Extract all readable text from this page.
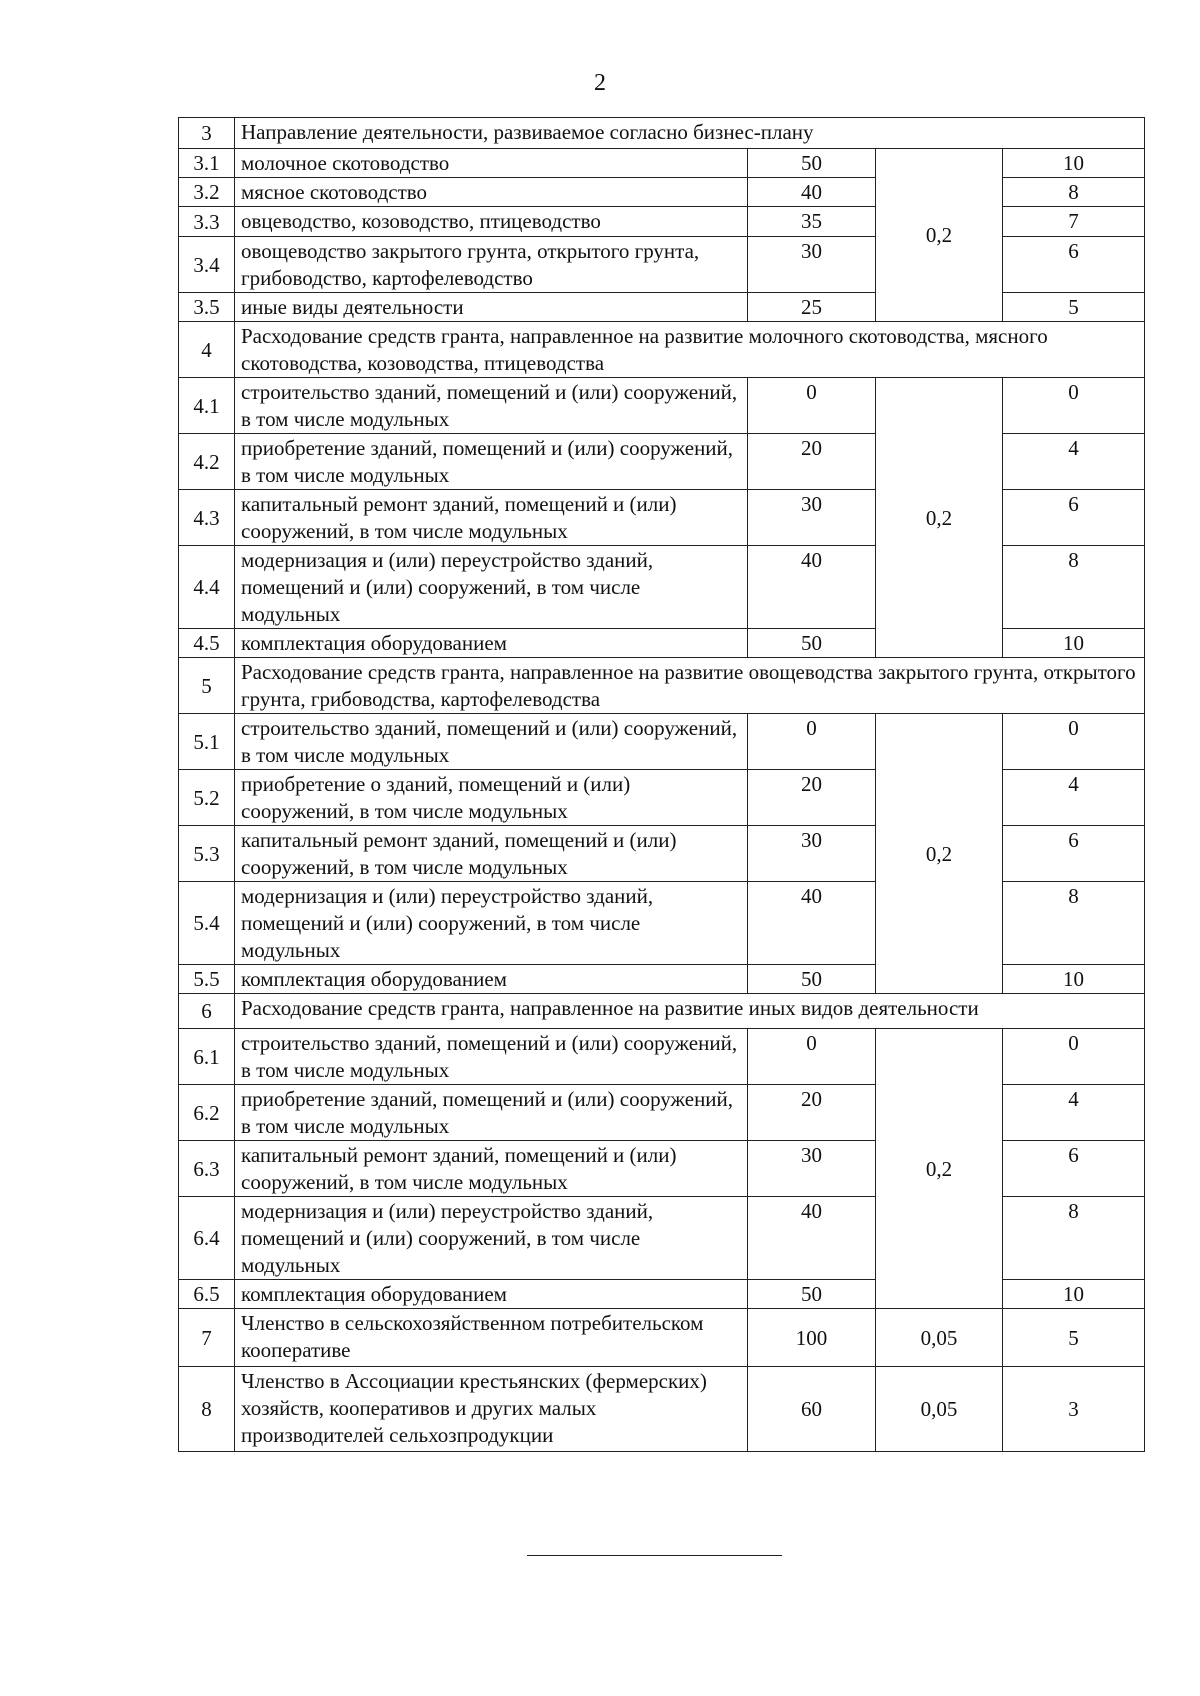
2
3	Направление деятельности, развиваемое согласно бизнес-плану			
3.1	молочное скотоводство	50	0,2	10
3.2	мясное скотоводство	40		8
3.3	овцеводство, козоводство, птицеводство	35		7
3.4	овощеводство закрытого грунта, открытого грунта, грибоводство, картофелеводство	30		6
3.5	иные виды деятельности	25		5
4	Расходование средств гранта, направленное на развитие молочного скотоводства, мясного скотоводства, козоводства, птицеводства			
4.1	строительство зданий, помещений и (или) сооружений, в том числе модульных	0	0,2	0
4.2	приобретение зданий, помещений и (или) сооружений, в том числе модульных	20		4
4.3	капитальный ремонт зданий, помещений и (или) сооружений, в том числе модульных	30		6
4.4	модернизация и (или) переустройство зданий, помещений и (или) сооружений, в том числе модульных	40		8
4.5	комплектация оборудованием	50		10
5	Расходование средств гранта, направленное на развитие овощеводства закрытого грунта, открытого грунта, грибоводства, картофелеводства			
5.1	строительство зданий, помещений и (или) сооружений, в том числе модульных	0	0,2	0
5.2	приобретение о зданий, помещений и (или) сооружений, в том числе модульных	20		4
5.3	капитальный ремонт зданий, помещений и (или) сооружений, в том числе модульных	30		6
5.4	модернизация и (или) переустройство зданий, помещений и (или) сооружений, в том числе модульных	40		8
5.5	комплектация оборудованием	50		10
6	Расходование средств гранта, направленное на развитие иных видов деятельности			
6.1	строительство зданий, помещений и (или) сооружений, в том числе модульных	0	0,2	0
6.2	приобретение зданий, помещений и (или) сооружений, в том числе модульных	20		4
6.3	капитальный ремонт зданий, помещений и (или) сооружений, в том числе модульных	30		6
6.4	модернизация и (или) переустройство зданий, помещений и (или) сооружений, в том числе модульных	40		8
6.5	комплектация оборудованием	50		10
7	Членство в сельскохозяйственном потребительском кооперативе	100	0,05	5
8	Членство в Ассоциации крестьянских (фермерских) хозяйств, кооперативов и других малых производителей сельхозпродукции	60	0,05	3
